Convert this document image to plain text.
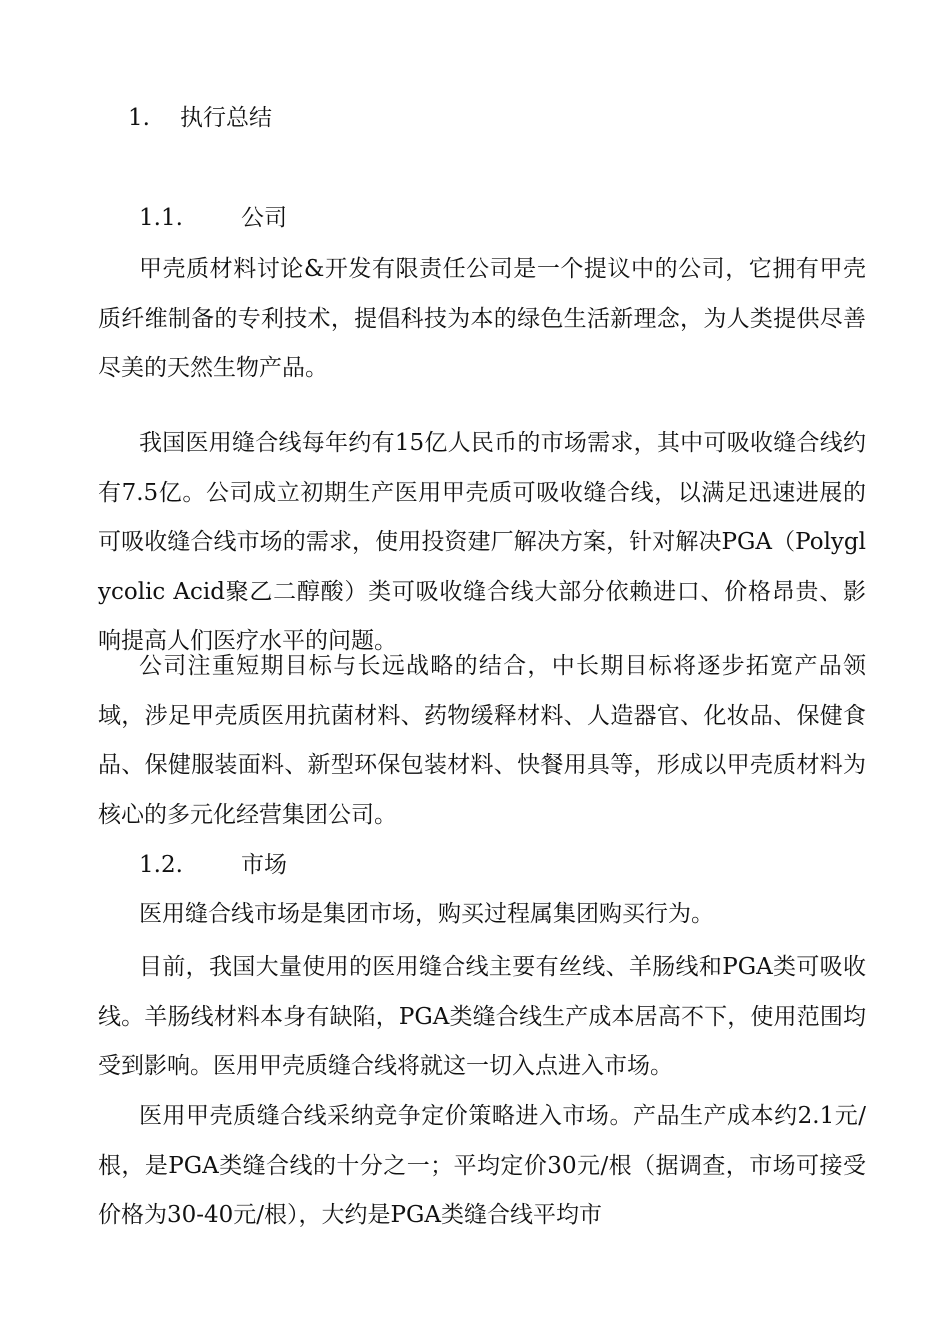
1. 执行总结
1.1.	公司

甲壳质材料讨论&开发有限责任公司是一个提议中的公司，它拥有甲壳质纤维制备的专利技术，提倡科技为本的绿色生活新理念，为人类提供尽善尽美的天然生物产品。

我国医用缝合线每年约有15亿人民币的市场需求，其中可吸收缝合线约有7.5亿。公司成立初期生产医用甲壳质可吸收缝合线，以满足迅速进展的可吸收缝合线市场的需求，使用投资建厂解决方案，针对解决PGA（Polyglycolic Acid聚乙二醇酸）类可吸收缝合线大部分依赖进口、价格昂贵、影响提高人们医疗水平的问题。

公司注重短期目标与长远战略的结合，中长期目标将逐步拓宽产品领域，涉足甲壳质医用抗菌材料、药物缓释材料、人造器官、化妆品、保健食品、保健服装面料、新型环保包装材料、快餐用具等，形成以甲壳质材料为核心的多元化经营集团公司。

1.2.	市场

医用缝合线市场是集团市场，购买过程属集团购买行为。

目前，我国大量使用的医用缝合线主要有丝线、羊肠线和PGA类可吸收线。羊肠线材料本身有缺陷，PGA类缝合线生产成本居高不下，使用范围均受到影响。医用甲壳质缝合线将就这一切入点进入市场。

医用甲壳质缝合线采纳竞争定价策略进入市场。产品生产成本约2.1元/根，是PGA类缝合线的十分之一；平均定价30元/根（据调查，市场可接受价格为30-40元/根），大约是PGA类缝合线平均市
